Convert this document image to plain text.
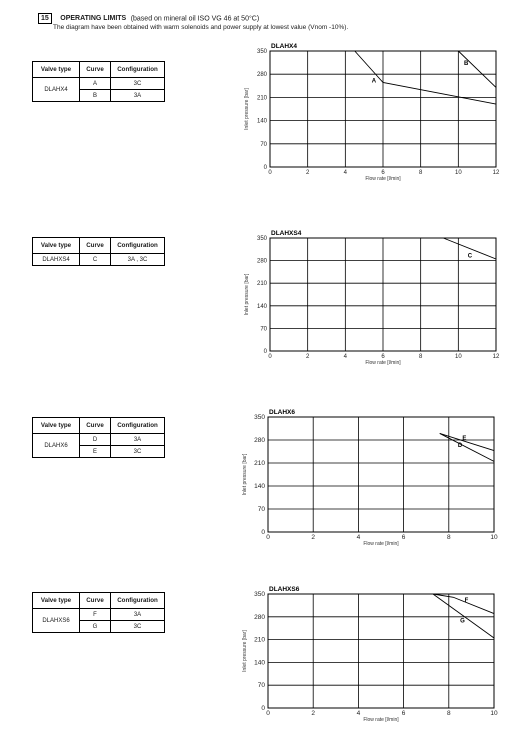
15 OPERATING LIMITS (based on mineral oil ISO VG 46 at 50°C)
The diagram have been obtained with warm solenoids and power supply at lowest value (Vnom -10%).
Valve type	Curve	Configuration
DLAHX4	A	3C
	B	3A
Valve type	Curve	Configuration
DLAHXS4	C	3A , 3C
Valve type	Curve	Configuration
DLAHX6	D	3A
	E	3C
Valve type	Curve	Configuration
DLAHXS6	F	3A
	G	3C
0	2	4	6	8	10	12
0
70
140
210
280
350
DLAHX4
Flow rate [l/min]
Inlet pressure [bar]
A
B
0	2	4	6	8	10	12
0
70
140
210
280
350
DLAHXS4
Flow rate [l/min]
Inlet pressure [bar]
C
0	2	4	6	8	10
0
70
140
210
280
350
DLAHX6
Flow rate [l/min]
Inlet pressure [bar]
D
E
0	2	4	6	8	10
0
70
140
210
280
350
DLAHXS6
Flow rate [l/min]
Inlet pressure [bar]
F
G
